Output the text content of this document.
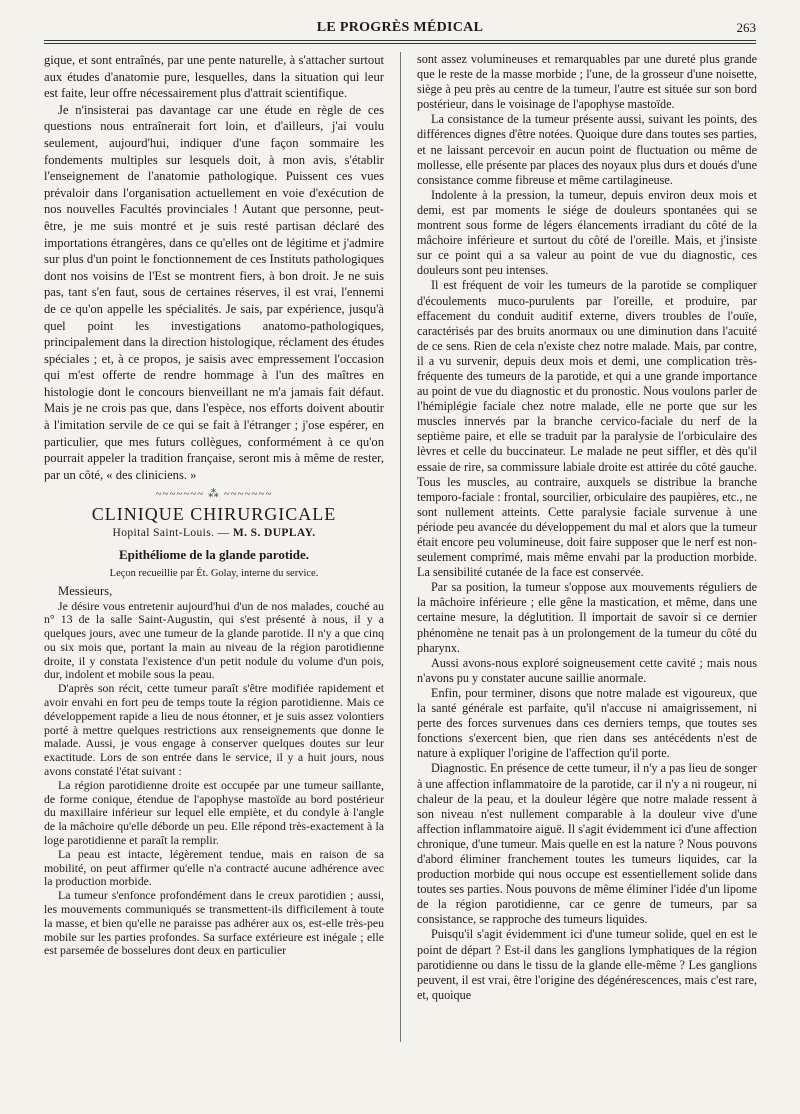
LE PROGRÈS MÉDICAL	263

gique, et sont entraînés, par une pente naturelle, à s'attacher surtout aux études d'anatomie pure, lesquelles, dans la situation qui leur est faite, leur offre nécessairement plus d'attrait scientifique.

Je n'insisterai pas davantage car une étude en règle de ces questions nous entraînerait fort loin, et d'ailleurs, j'ai voulu seulement, aujourd'hui, indiquer d'une façon sommaire les fondements multiples sur lesquels doit, à mon avis, s'établir l'enseignement de l'anatomie pathologique. Puissent ces vues prévaloir dans l'organisation actuellement en voie d'exécution de nos nouvelles Facultés provinciales ! Autant que personne, peut-être, je me suis montré et je suis resté partisan déclaré des importations étrangères, dans ce qu'elles ont de légitime et j'admire sur plus d'un point le fonctionnement de ces Instituts pathologiques dont nos voisins de l'Est se montrent fiers, à bon droit. Je ne suis pas, tant s'en faut, sous de certaines réserves, il est vrai, l'ennemi de ce qu'on appelle les spécialités. Je sais, par expérience, jusqu'à quel point les investigations anatomo-pathologiques, principalement dans la direction histologique, réclament des études spéciales ; et, à ce propos, je saisis avec empressement l'occasion qui m'est offerte de rendre hommage à l'un des maîtres en histologie dont le concours bienveillant ne m'a jamais fait défaut. Mais je ne crois pas que, dans l'espèce, nos efforts doivent aboutir à l'imitation servile de ce qui se fait à l'étranger ; j'ose espérer, en particulier, que mes futurs collègues, conformément à ce qu'on pourrait appeler la tradition française, seront mis à même de rester, par un côté, « des cliniciens. »

~~~~~~~ ⁂ ~~~~~~~
CLINIQUE CHIRURGICALE
Hopital Saint-Louis. — M. S. DUPLAY.
Epithéliome de la glande parotide.
Leçon recueillie par Ét. Golay, interne du service.

Messieurs,

Je désire vous entretenir aujourd'hui d'un de nos malades, couché au n° 13 de la salle Saint-Augustin, qui s'est présenté à nous, il y a quelques jours, avec une tumeur de la glande parotide. Il n'y a que cinq ou six mois que, portant la main au niveau de la région parotidienne droite, il y constata l'existence d'un petit nodule du volume d'un pois, dur, indolent et mobile sous la peau.

D'après son récit, cette tumeur paraît s'être modifiée rapidement et avoir envahi en fort peu de temps toute la région parotidienne. Mais ce développement rapide a lieu de nous étonner, et je suis assez volontiers porté à mettre quelques restrictions aux renseignements que donne le malade. Aussi, je vous engage à conserver quelques doutes sur leur exactitude. Lors de son entrée dans le service, il y a huit jours, nous avons constaté l'état suivant :

La région parotidienne droite est occupée par une tumeur saillante, de forme conique, étendue de l'apophyse mastoïde au bord postérieur du maxillaire inférieur sur lequel elle empiète, et du condyle à l'angle de la mâchoire qu'elle déborde un peu. Elle répond très-exactement à la loge parotidienne et paraît la remplir.

La peau est intacte, légèrement tendue, mais en raison de sa mobilité, on peut affirmer qu'elle n'a contracté aucune adhérence avec la production morbide.

La tumeur s'enfonce profondément dans le creux parotidien ; aussi, les mouvements communiqués se transmettent-ils difficilement à toute la masse, et bien qu'elle ne paraisse pas adhérer aux os, est-elle très-peu mobile sur les parties profondes. Sa surface extérieure est inégale ; elle est parsemée de bosselures dont deux en particulier

sont assez volumineuses et remarquables par une dureté plus grande que le reste de la masse morbide ; l'une, de la grosseur d'une noisette, siège à peu près au centre de la tumeur, l'autre est située sur son bord postérieur, dans le voisinage de l'apophyse mastoïde.

La consistance de la tumeur présente aussi, suivant les points, des différences dignes d'être notées. Quoique dure dans toutes ses parties, et ne laissant percevoir en aucun point de fluctuation ou même de mollesse, elle présente par places des noyaux plus durs et doués d'une consistance comme fibreuse et même cartilagineuse.

Indolente à la pression, la tumeur, depuis environ deux mois et demi, est par moments le siége de douleurs spontanées qui se montrent sous forme de légers élancements irradiant du côté de la mâchoire inférieure et surtout du côté de l'oreille. Mais, et j'insiste sur ce point qui a sa valeur au point de vue du diagnostic, ces douleurs sont peu intenses.

Il est fréquent de voir les tumeurs de la parotide se compliquer d'écoulements muco-purulents par l'oreille, et produire, par effacement du conduit auditif externe, divers troubles de l'ouïe, caractérisés par des bruits anormaux ou une diminution dans l'acuité de ce sens. Rien de cela n'existe chez notre malade. Mais, par contre, il a vu survenir, depuis deux mois et demi, une complication très-fréquente des tumeurs de la parotide, et qui a une grande importance au point de vue du diagnostic et du pronostic. Nous voulons parler de l'hémiplégie faciale chez notre malade, elle ne porte que sur les muscles innervés par la branche cervico-faciale du nerf de la septième paire, et elle se traduit par la paralysie de l'orbiculaire des lèvres et celle du buccinateur. Le malade ne peut siffler, et dès qu'il essaie de rire, sa commissure labiale droite est attirée du côté gauche. Tous les muscles, au contraire, auxquels se distribue la branche temporo-faciale : frontal, sourcilier, orbiculaire des paupières, etc., ne sont nullement atteints. Cette paralysie faciale survenue à une période peu avancée du développement du mal et alors que la tumeur était encore peu volumineuse, doit faire supposer que le nerf est non-seulement comprimé, mais même envahi par la production morbide. La sensibilité cutanée de la face est conservée.

Par sa position, la tumeur s'oppose aux mouvements réguliers de la mâchoire inférieure ; elle gêne la mastication, et même, dans une certaine mesure, la déglutition. Il importait de savoir si ce dernier phénomène ne tenait pas à un prolongement de la tumeur du côté du pharynx.

Aussi avons-nous exploré soigneusement cette cavité ; mais nous n'avons pu y constater aucune saillie anormale.

Enfin, pour terminer, disons que notre malade est vigoureux, que la santé générale est parfaite, qu'il n'accuse ni amaigrissement, ni perte des forces survenues dans ces derniers temps, que toutes ses fonctions s'exercent bien, que rien dans ses antécédents n'est de nature à expliquer l'origine de l'affection qu'il porte.

Diagnostic. En présence de cette tumeur, il n'y a pas lieu de songer à une affection inflammatoire de la parotide, car il n'y a ni rougeur, ni chaleur de la peau, et la douleur légère que notre malade ressent à son niveau n'est nullement comparable à la douleur vive d'une affection inflammatoire aiguë. Il s'agit évidemment ici d'une affection chronique, d'une tumeur. Mais quelle en est la nature ? Nous pouvons d'abord éliminer franchement toutes les tumeurs liquides, car la production morbide qui nous occupe est essentiellement solide dans toutes ses parties. Nous pouvons de même éliminer l'idée d'un lipome de la région parotidienne, car ce genre de tumeurs, par sa consistance, se rapproche des tumeurs liquides.

Puisqu'il s'agit évidemment ici d'une tumeur solide, quel en est le point de départ ? Est-il dans les ganglions lymphatiques de la région parotidienne ou dans le tissu de la glande elle-même ? Les ganglions peuvent, il est vrai, être l'origine des dégénérescences, mais c'est rare, et, quoique
